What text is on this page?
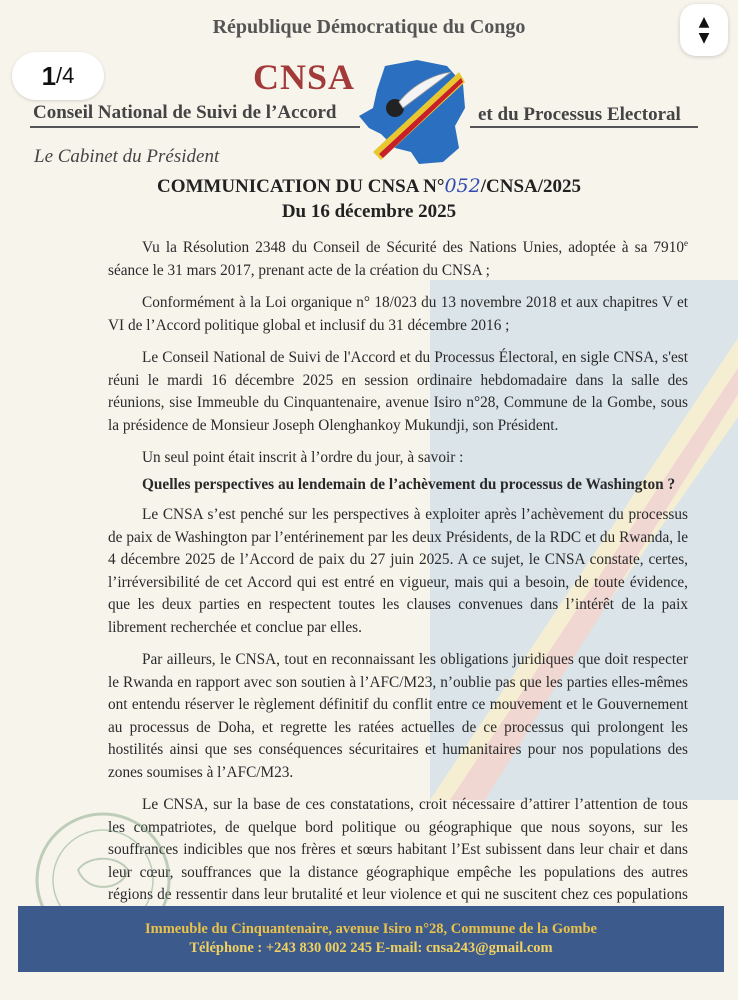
République Démocratique du Congo
1 / 4
▲
▼
CNSA
Conseil National de Suivi de l’Accord	et du Processus Electoral
Le Cabinet du Président
COMMUNICATION DU CNSA N°052/CNSA/2025
Du 16 décembre 2025

Vu la Résolution 2348 du Conseil de Sécurité des Nations Unies, adoptée à sa 7910e séance le 31 mars 2017, prenant acte de la création du CNSA ;

Conformément à la Loi organique n° 18/023 du 13 novembre 2018 et aux chapitres V et VI de l’Accord politique global et inclusif du 31 décembre 2016 ;

Le Conseil National de Suivi de l'Accord et du Processus Électoral, en sigle CNSA, s'est réuni le mardi 16 décembre 2025 en session ordinaire hebdomadaire dans la salle des réunions, sise Immeuble du Cinquantenaire, avenue Isiro n°28, Commune de la Gombe, sous la présidence de Monsieur Joseph Olenghankoy Mukundji, son Président.

Un seul point était inscrit à l’ordre du jour, à savoir :

Quelles perspectives au lendemain de l’achèvement du processus de Washington ?

Le CNSA s’est penché sur les perspectives à exploiter après l’achèvement du processus de paix de Washington par l’entérinement par les deux Présidents, de la RDC et du Rwanda, le 4 décembre 2025 de l’Accord de paix du 27 juin 2025. A ce sujet, le CNSA constate, certes, l’irréversibilité de cet Accord qui est entré en vigueur, mais qui a besoin, de toute évidence, que les deux parties en respectent toutes les clauses convenues dans l’intérêt de la paix librement recherchée et conclue par elles.

Par ailleurs, le CNSA, tout en reconnaissant les obligations juridiques que doit respecter le Rwanda en rapport avec son soutien à l’AFC/M23, n’oublie pas que les parties elles-mêmes ont entendu réserver le règlement définitif du conflit entre ce mouvement et le Gouvernement au processus de Doha, et regrette les ratées actuelles de ce processus qui prolongent les hostilités ainsi que ses conséquences sécuritaires et humanitaires pour nos populations des zones soumises à l’AFC/M23.

Le CNSA, sur la base de ces constatations, croit nécessaire d’attirer l’attention de tous les compatriotes, de quelque bord politique ou géographique que nous soyons, sur les souffrances indicibles que nos frères et sœurs habitant l’Est subissent dans leur chair et dans leur cœur, souffrances que la distance géographique empêche les populations des autres régions de ressentir dans leur brutalité et leur violence et qui ne suscitent chez ces populations

Immeuble du Cinquantenaire, avenue Isiro n°28, Commune de la Gombe
Téléphone : +243 830 002 245 E-mail: cnsa243@gmail.com
